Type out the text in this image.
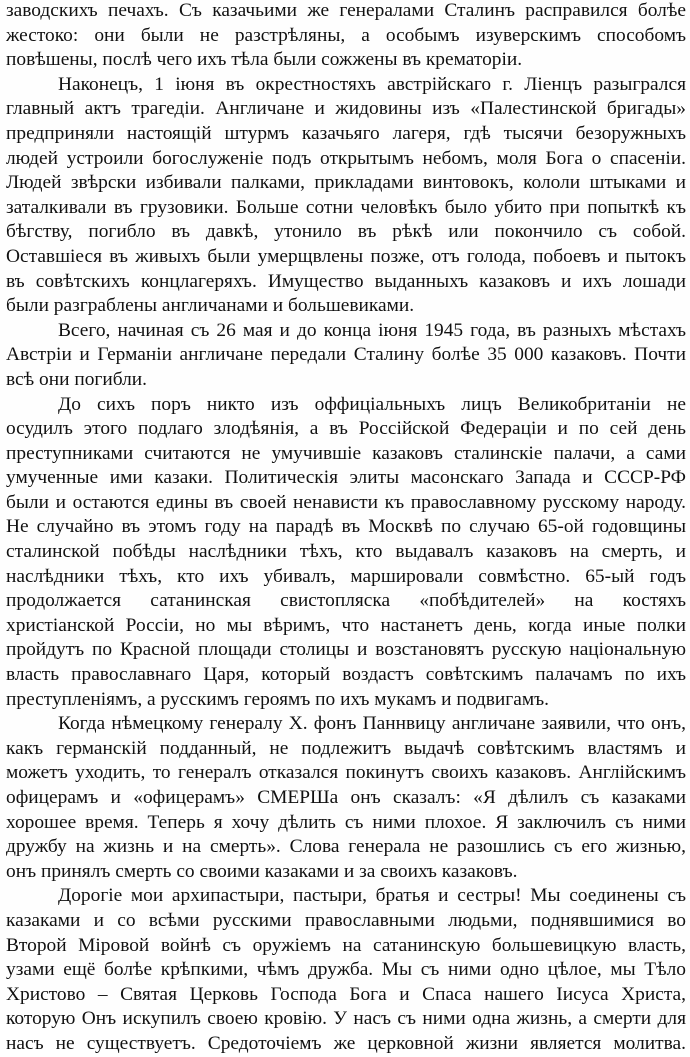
заводскихъ печахъ. Съ казачьими же генералами Сталинъ расправился болѣе
жестоко: они были не разстрѣляны, а особымъ изуверскимъ способомъ
повѣшены, послѣ чего ихъ тѣла были сожжены въ крематорiи.
Наконецъ, 1 iюня въ окрестностяхъ австрiйскаго г. Лiенцъ разыгрался
главный актъ трагедiи. Англичане и жидовины изъ «Палестинской бригады»
предприняли настоящiй штурмъ казачьяго лагеря, гдѣ тысячи безоружныхъ
людей устроили богослуженiе подъ открытымъ небомъ, моля Бога о спасенiи.
Людей звѣрски избивали палками, прикладами винтовокъ, кололи штыками и
заталкивали въ грузовики. Больше сотни человѣкъ было убито при попыткѣ къ
бѣгству, погибло въ давкѣ, утонило въ рѣкѣ или покончило съ собой.
Оставшiеся въ живыхъ были умерщвлены позже, отъ голода, побоевъ и пытокъ
въ совѣтскихъ концлагеряхъ. Имущество выданныхъ казаковъ и ихъ лошади
были разграблены англичанами и большевиками.
Всего, начиная съ 26 мая и до конца iюня 1945 года, въ разныхъ мѣстахъ
Австрiи и Германiи англичане передали Сталину болѣе 35 000 казаковъ. Почти
всѣ они погибли.
До сихъ поръ никто изъ оффицiальныхъ лицъ Великобританiи не
осудилъ этого подлаго злодѣянiя, а въ Россiйской Федерацiи и по сей день
преступниками считаются не умучившiе казаковъ сталинскiе палачи, а сами
умученные ими казаки. Политическiя элиты масонскаго Запада и СССР-РФ
были и остаются едины въ своей ненависти къ православному русскому народу.
Не случайно въ этомъ году на парадѣ въ Москвѣ по случаю 65-ой годовщины
сталинской побѣды наслѣдники тѣхъ, кто выдавалъ казаковъ на смерть, и
наслѣдники тѣхъ, кто ихъ убивалъ, маршировали совмѣстно. 65-ый годъ
продолжается сатанинская свистопляска «побѣдителей» на костяхъ
христiанской Россiи, но мы вѣримъ, что настанетъ день, когда иные полки
пройдутъ по Красной площади столицы и возстановятъ русскую нацiональную
власть православнаго Царя, который воздастъ совѣтскимъ палачамъ по ихъ
преступленiямъ, а русскимъ героямъ по ихъ мукамъ и подвигамъ.
Когда нѣмецкому генералу Х. фонъ Паннвицу англичане заявили, что онъ,
какъ германскiй подданный, не подлежитъ выдачѣ совѣтскимъ властямъ и
можетъ уходить, то генералъ отказался покинутъ своихъ казаковъ. Англiйскимъ
офицерамъ и «офицерамъ» СМЕРШа онъ сказалъ: «Я дѣлилъ съ казаками
хорошее время. Теперь я хочу дѣлить съ ними плохое. Я заключилъ съ ними
дружбу на жизнь и на смерть». Слова генерала не разошлись съ его жизнью,
онъ принялъ смерть со своими казаками и за своихъ казаковъ.
Дорогiе мои архипастыри, пастыри, братья и сестры! Мы соединены съ
казаками и со всѣми русскими православными людьми, поднявшимися во
Второй Мiровой войнѣ съ оружiемъ на сатанинскую большевицкую власть,
узами ещё болѣе крѣпкими, чѣмъ дружба. Мы съ ними одно цѣлое, мы Тѣло
Христово – Святая Церковь Господа Бога и Спаса нашего Iисуса Христа,
которую Онъ искупилъ своею кровiю. У насъ съ ними одна жизнь, а смерти для
насъ не существуетъ. Средоточiемъ же церковной жизни является молитва.
